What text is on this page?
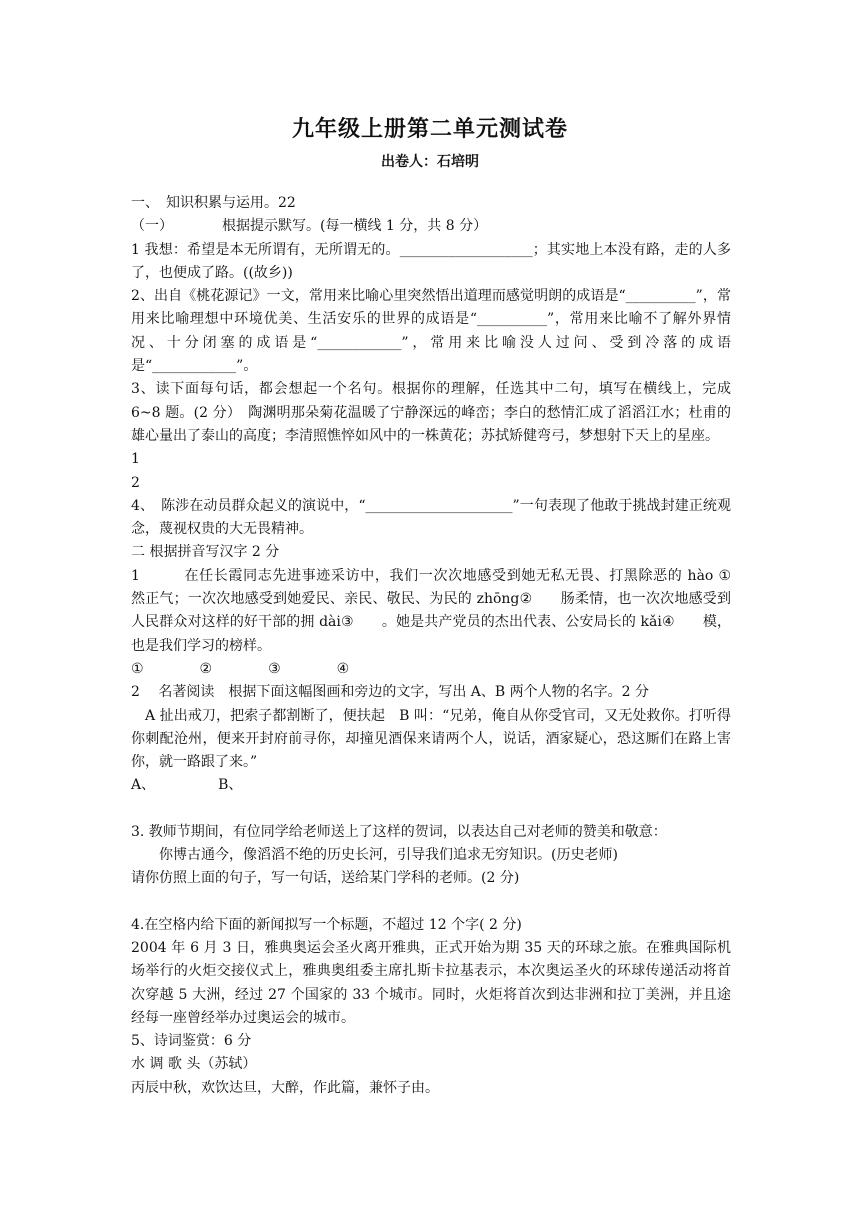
九年级上册第二单元测试卷
出卷人：石培明

一、　知识积累与运用。22

（一）　　　　根据提示默写。(每一横线 1 分，共 8 分）

1 我想：希望是本无所谓有，无所谓无的。___________________；其实地上本没有路，走的人多了，也便成了路。((故乡))

2、出自《桃花源记》一文，常用来比喻心里突然悟出道理而感觉明朗的成语是“__________”，常用来比喻理想中环境优美、生活安乐的世界的成语是“__________”，常用来比喻不了解外界情况、十分闭塞的成语是“____________”，常用来比喻没人过问、受到冷落的成语是“____________”。

3、读下面每句话，都会想起一个名句。根据你的理解，任选其中二句，填写在横线上，完成 6~8 题。(2 分）　陶渊明那朵菊花温暖了宁静深远的峰峦；李白的愁情汇成了滔滔江水；杜甫的雄心量出了泰山的高度；李清照憔悴如风中的一株黄花；苏拭矫健弯弓，梦想射下天上的星座。

1

2

4、　陈涉在动员群众起义的演说中，“_____________________”一句表现了他敢于挑战封建正统观念，蔑视权贵的大无畏精神。

二 根据拼音写汉字 2 分

1　　　在任长霞同志先进事迹采访中，我们一次次地感受到她无私无畏、打黑除恶的 hào ①　　然正气；一次次地感受到她爱民、亲民、敬民、为民的 zhōng②　　肠柔情，也一次次地感受到人民群众对这样的好干部的拥 dài③　　。她是共产党员的杰出代表、公安局长的 kǎi④　　模，也是我们学习的榜样。

①　　　　②　　　　③　　　　④

2　 名著阅读　根据下面这幅图画和旁边的文字，写出 A、B 两个人物的名字。2 分

A 扯出戒刀，把索子都割断了，便扶起　B 叫：“兄弟，俺自从你受官司，又无处救你。打听得你刺配沧州，便来开封府前寻你，却撞见酒保来请两个人，说话，酒家疑心，恐这厮们在路上害你，就一路跟了来。”

A、　　　　　B、

3. 教师节期间，有位同学给老师送上了这样的贺词，以表达自己对老师的赞美和敬意：

你博古通今，像滔滔不绝的历史长河，引导我们追求无穷知识。(历史老师)

请你仿照上面的句子，写一句话，送给某门学科的老师。(2 分)

4.在空格内给下面的新闻拟写一个标题，不超过 12 个字( 2 分)

2004 年 6 月 3 日，雅典奥运会圣火离开雅典，正式开始为期 35 天的环球之旅。在雅典国际机场举行的火炬交接仪式上，雅典奥组委主席扎斯卡拉基表示，本次奥运圣火的环球传递活动将首次穿越 5 大洲，经过 27 个国家的 33 个城市。同时，火炬将首次到达非洲和拉丁美洲，并且途经每一座曾经举办过奥运会的城市。

5、诗词鉴赏：6 分

水 调 歌 头（苏轼）

丙辰中秋，欢饮达旦，大醉，作此篇，兼怀子由。
